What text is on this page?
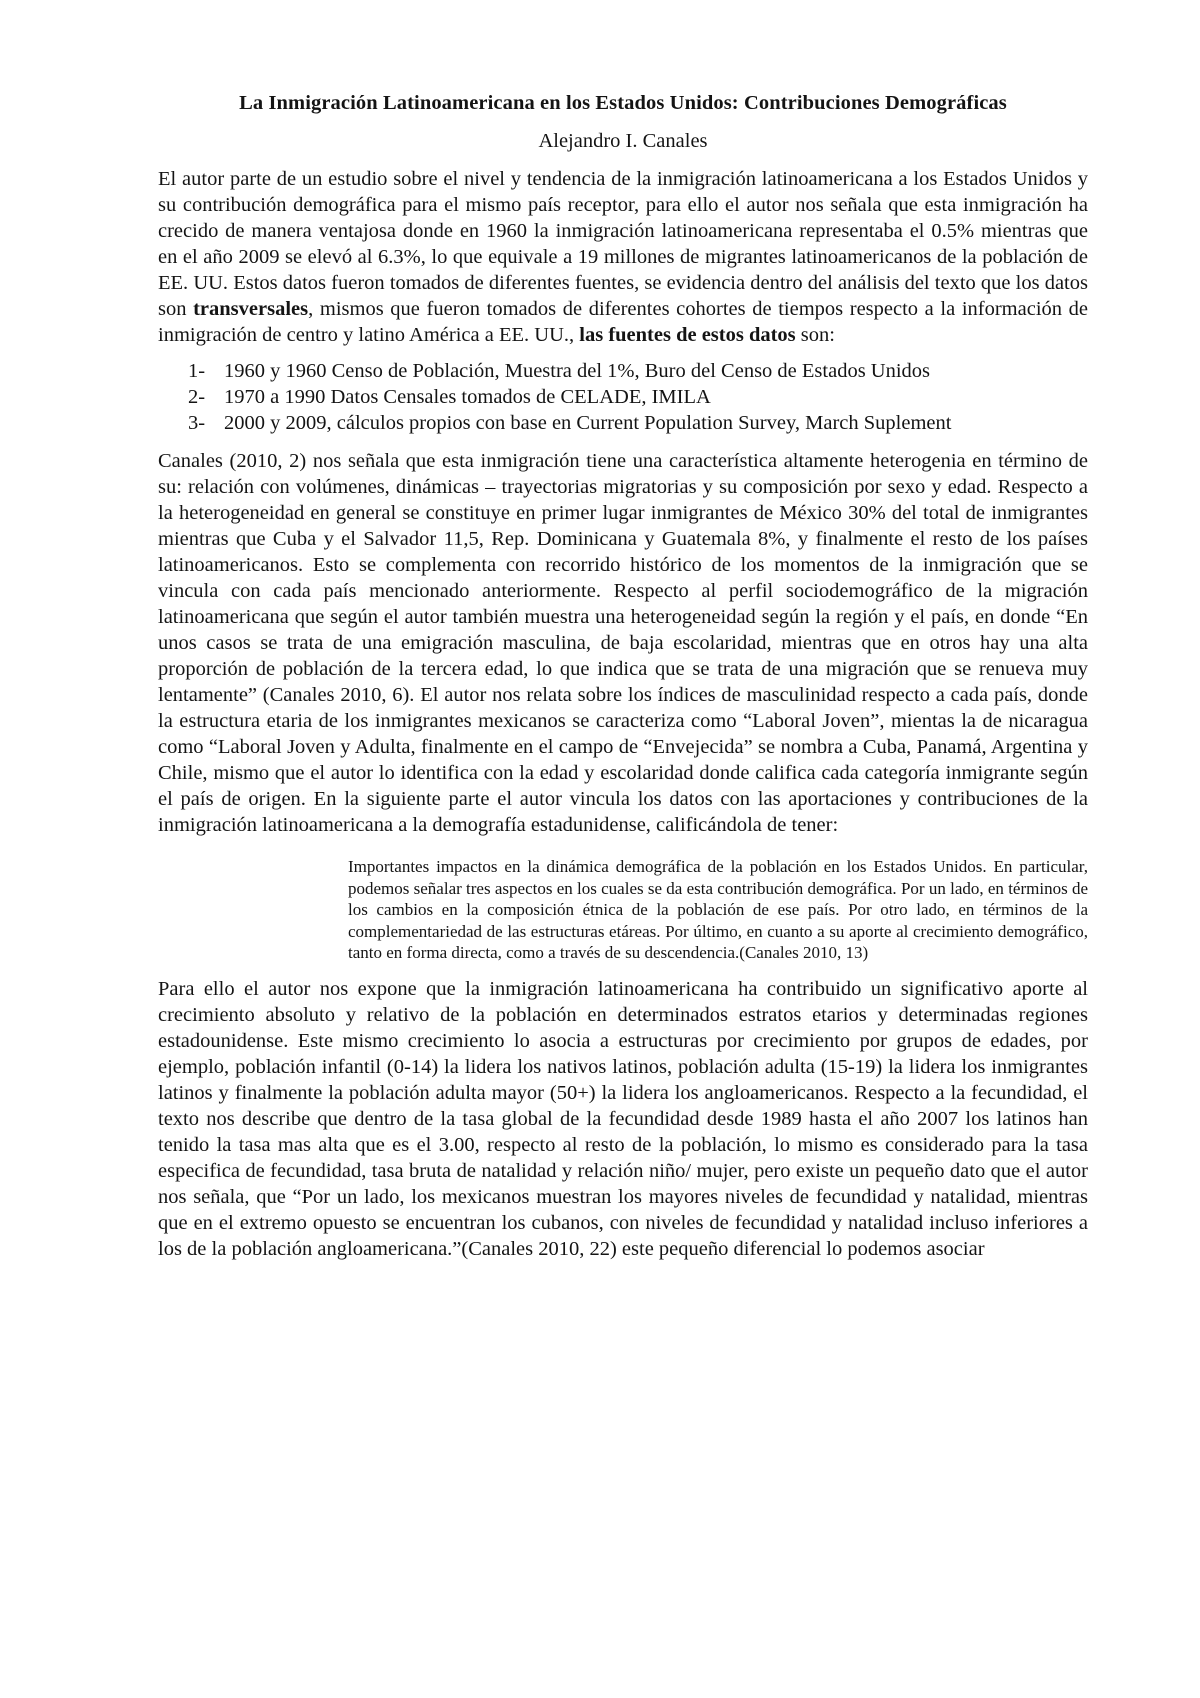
La Inmigración Latinoamericana en los Estados Unidos: Contribuciones Demográficas
Alejandro I. Canales

El autor parte de un estudio sobre el nivel y tendencia de la inmigración latinoamericana a los Estados Unidos y su contribución demográfica para el mismo país receptor, para ello el autor nos señala que esta inmigración ha crecido de manera ventajosa donde en 1960 la inmigración latinoamericana representaba el 0.5% mientras que en el año 2009 se elevó al 6.3%, lo que equivale a 19 millones de migrantes latinoamericanos de la población de EE. UU. Estos datos fueron tomados de diferentes fuentes, se evidencia dentro del análisis del texto que los datos son transversales, mismos que fueron tomados de diferentes cohortes de tiempos respecto a la información de inmigración de centro y latino América a EE. UU., las fuentes de estos datos son:

1- 1960 y 1960 Censo de Población, Muestra del 1%, Buro del Censo de Estados Unidos
2- 1970 a 1990 Datos Censales tomados de CELADE, IMILA
3- 2000 y 2009, cálculos propios con base en Current Population Survey, March Suplement

Canales (2010, 2) nos señala que esta inmigración tiene una característica altamente heterogenia en término de su: relación con volúmenes, dinámicas – trayectorias migratorias y su composición por sexo y edad. Respecto a la heterogeneidad en general se constituye en primer lugar inmigrantes de México 30% del total de inmigrantes mientras que Cuba y el Salvador 11,5, Rep. Dominicana y Guatemala 8%, y finalmente el resto de los países latinoamericanos. Esto se complementa con recorrido histórico de los momentos de la inmigración que se vincula con cada país mencionado anteriormente. Respecto al perfil sociodemográfico de la migración latinoamericana que según el autor también muestra una heterogeneidad según la región y el país, en donde “En unos casos se trata de una emigración masculina, de baja escolaridad, mientras que en otros hay una alta proporción de población de la tercera edad, lo que indica que se trata de una migración que se renueva muy lentamente” (Canales 2010, 6). El autor nos relata sobre los índices de masculinidad respecto a cada país, donde la estructura etaria de los inmigrantes mexicanos se caracteriza como “Laboral Joven”, mientas la de nicaragua como “Laboral Joven y Adulta, finalmente en el campo de “Envejecida” se nombra a Cuba, Panamá, Argentina y Chile, mismo que el autor lo identifica con la edad y escolaridad donde califica cada categoría inmigrante según el país de origen. En la siguiente parte el autor vincula los datos con las aportaciones y contribuciones de la inmigración latinoamericana a la demografía estadunidense, calificándola de tener:

Importantes impactos en la dinámica demográfica de la población en los Estados Unidos. En particular, podemos señalar tres aspectos en los cuales se da esta contribución demográfica. Por un lado, en términos de los cambios en la composición étnica de la población de ese país. Por otro lado, en términos de la complementariedad de las estructuras etáreas. Por último, en cuanto a su aporte al crecimiento demográfico, tanto en forma directa, como a través de su descendencia.(Canales 2010, 13)

Para ello el autor nos expone que la inmigración latinoamericana ha contribuido un significativo aporte al crecimiento absoluto y relativo de la población en determinados estratos etarios y determinadas regiones estadounidense. Este mismo crecimiento lo asocia a estructuras por crecimiento por grupos de edades, por ejemplo, población infantil (0-14) la lidera los nativos latinos, población adulta (15-19) la lidera los inmigrantes latinos y finalmente la población adulta mayor (50+) la lidera los angloamericanos. Respecto a la fecundidad, el texto nos describe que dentro de la tasa global de la fecundidad desde 1989 hasta el año 2007 los latinos han tenido la tasa mas alta que es el 3.00, respecto al resto de la población, lo mismo es considerado para la tasa especifica de fecundidad, tasa bruta de natalidad y relación niño/ mujer, pero existe un pequeño dato que el autor nos señala, que “Por un lado, los mexicanos muestran los mayores niveles de fecundidad y natalidad, mientras que en el extremo opuesto se encuentran los cubanos, con niveles de fecundidad y natalidad incluso inferiores a los de la población angloamericana.”(Canales 2010, 22) este pequeño diferencial lo podemos asociar
